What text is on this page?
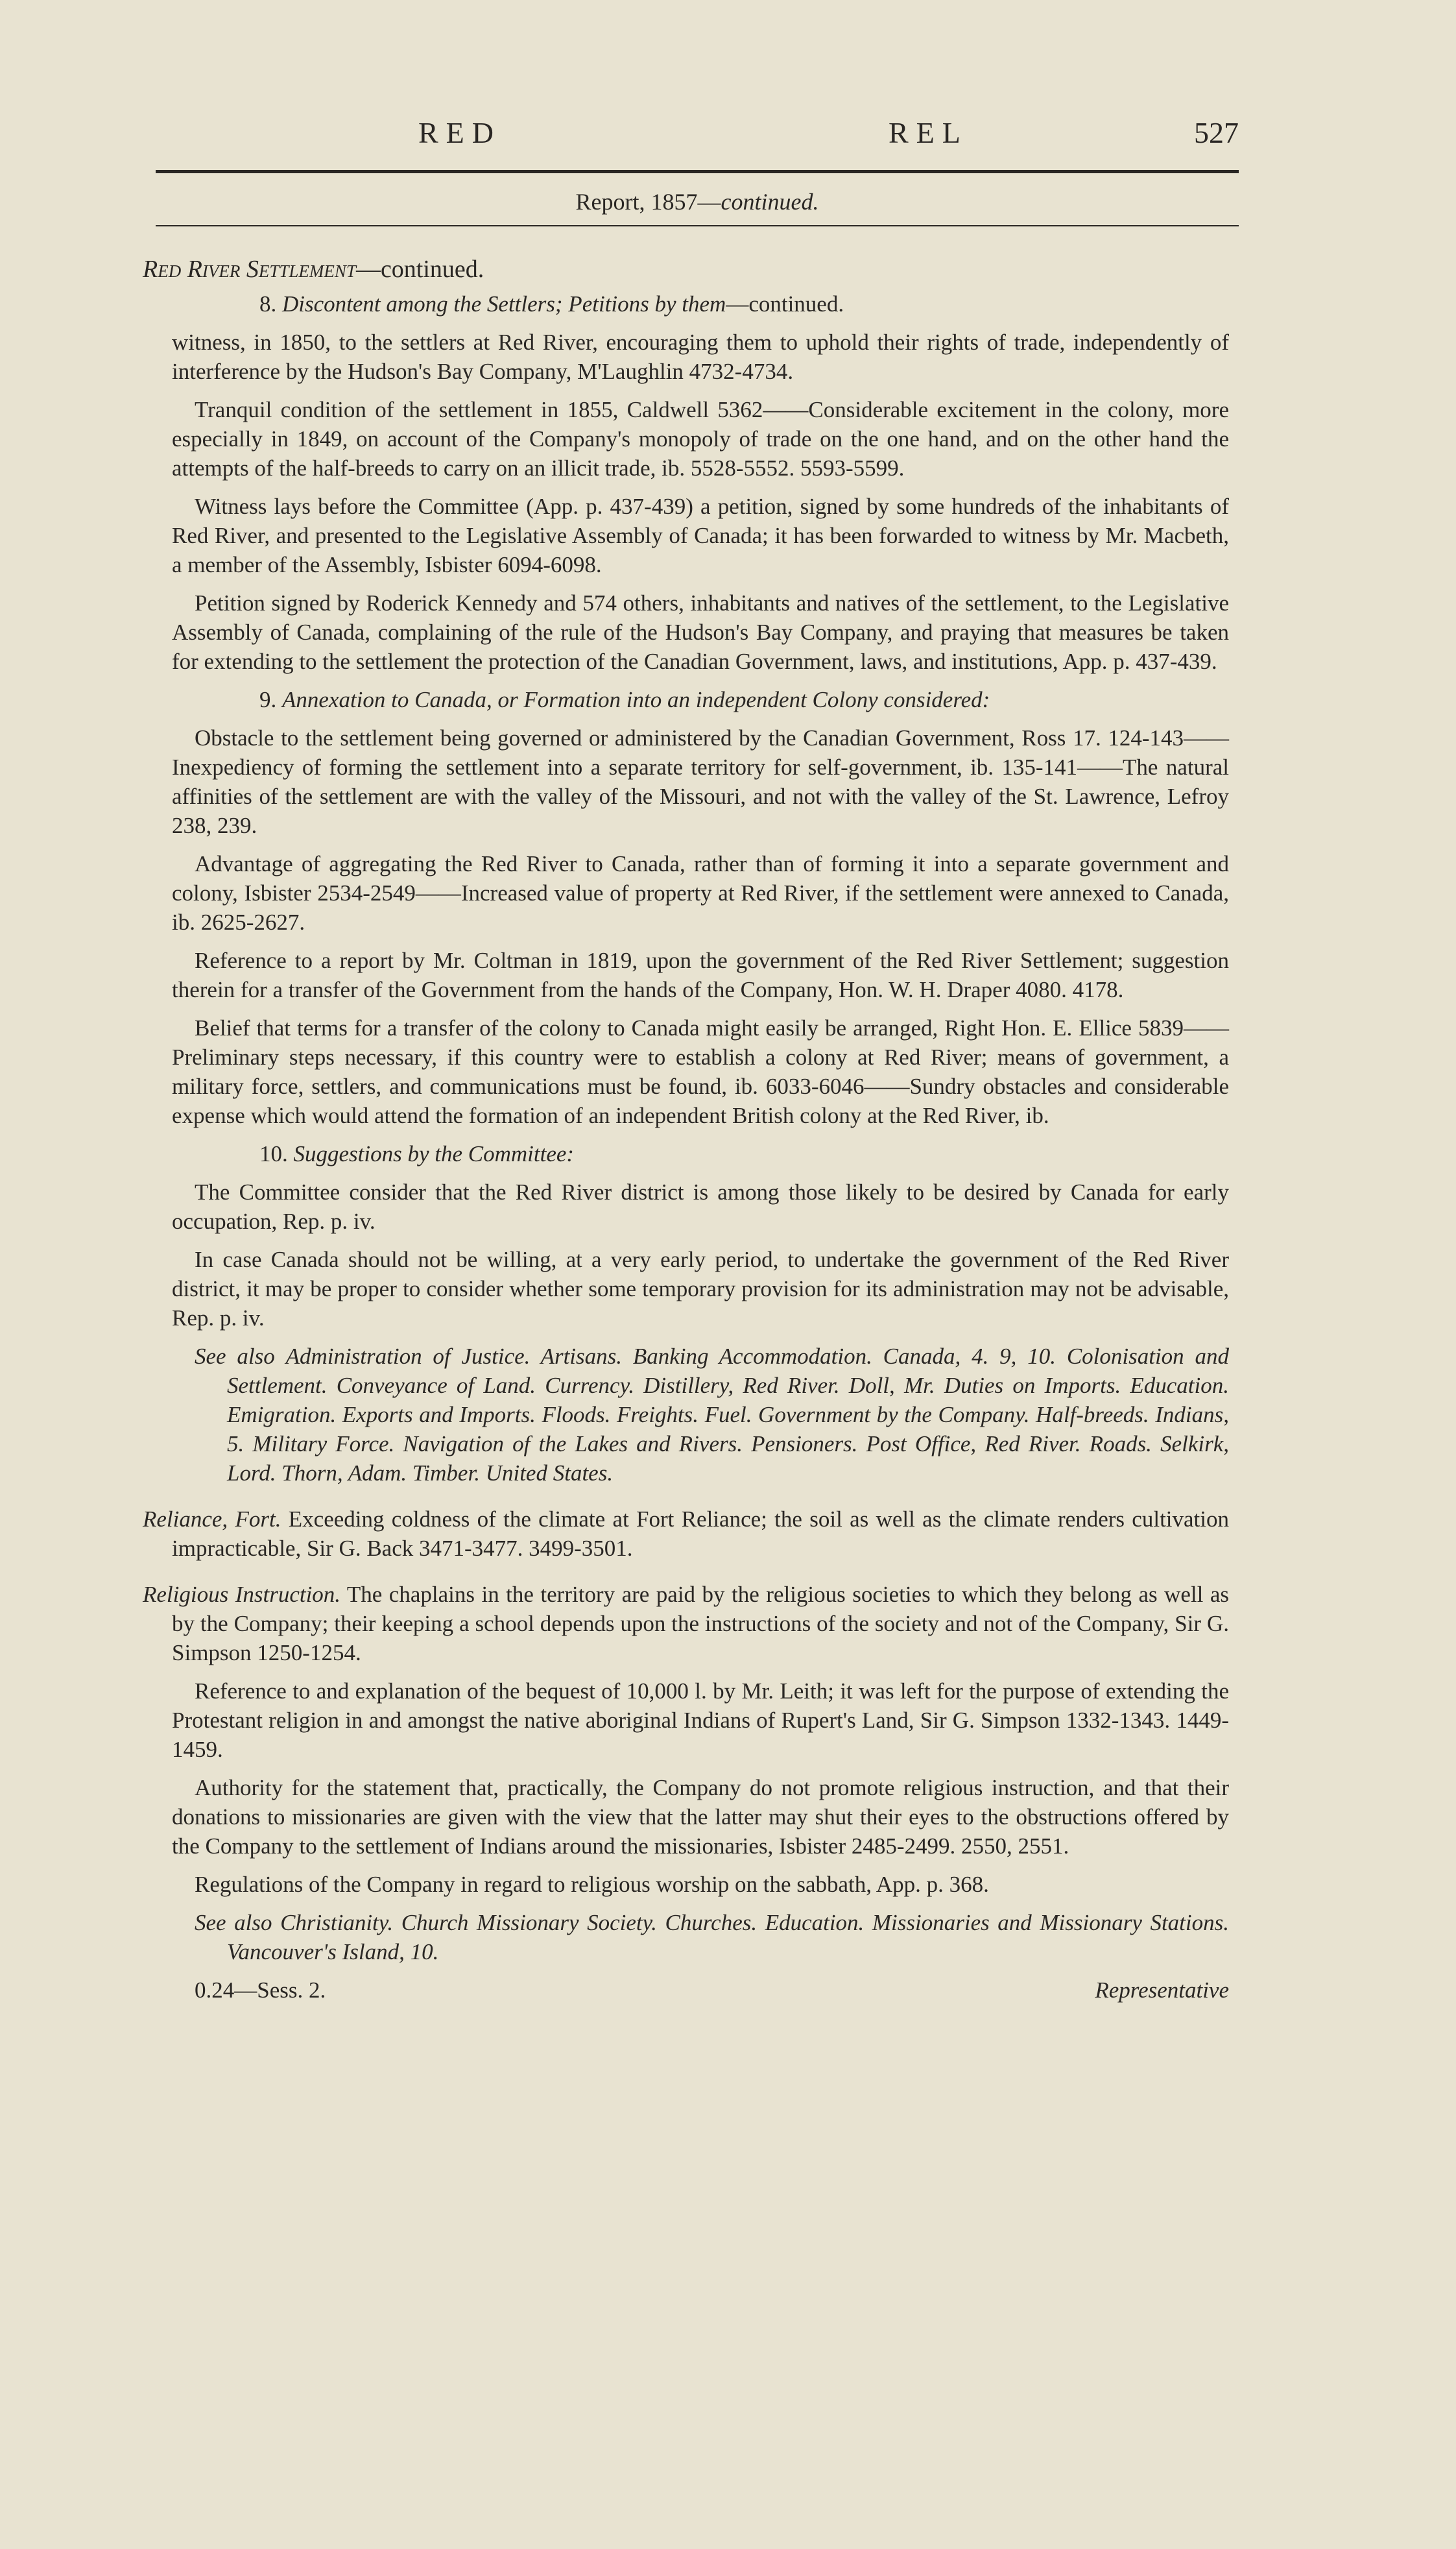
RED	REL	527
Report, 1857—continued.

Red River Settlement—continued.

8. Discontent among the Settlers; Petitions by them—continued.

witness, in 1850, to the settlers at Red River, encouraging them to uphold their rights of trade, independently of interference by the Hudson's Bay Company, M'Laughlin 4732-4734.

Tranquil condition of the settlement in 1855, Caldwell 5362——Considerable excitement in the colony, more especially in 1849, on account of the Company's monopoly of trade on the one hand, and on the other hand the attempts of the half-breeds to carry on an illicit trade, ib. 5528-5552. 5593-5599.

Witness lays before the Committee (App. p. 437-439) a petition, signed by some hundreds of the inhabitants of Red River, and presented to the Legislative Assembly of Canada; it has been forwarded to witness by Mr. Macbeth, a member of the Assembly, Isbister 6094-6098.

Petition signed by Roderick Kennedy and 574 others, inhabitants and natives of the settlement, to the Legislative Assembly of Canada, complaining of the rule of the Hudson's Bay Company, and praying that measures be taken for extending to the settlement the protection of the Canadian Government, laws, and institutions, App. p. 437-439.

9. Annexation to Canada, or Formation into an independent Colony considered:

Obstacle to the settlement being governed or administered by the Canadian Government, Ross 17. 124-143——Inexpediency of forming the settlement into a separate territory for self-government, ib. 135-141——The natural affinities of the settlement are with the valley of the Missouri, and not with the valley of the St. Lawrence, Lefroy 238, 239.

Advantage of aggregating the Red River to Canada, rather than of forming it into a separate government and colony, Isbister 2534-2549——Increased value of property at Red River, if the settlement were annexed to Canada, ib. 2625-2627.

Reference to a report by Mr. Coltman in 1819, upon the government of the Red River Settlement; suggestion therein for a transfer of the Government from the hands of the Company, Hon. W. H. Draper 4080. 4178.

Belief that terms for a transfer of the colony to Canada might easily be arranged, Right Hon. E. Ellice 5839——Preliminary steps necessary, if this country were to establish a colony at Red River; means of government, a military force, settlers, and communications must be found, ib. 6033-6046——Sundry obstacles and considerable expense which would attend the formation of an independent British colony at the Red River, ib.

10. Suggestions by the Committee:

The Committee consider that the Red River district is among those likely to be desired by Canada for early occupation, Rep. p. iv.

In case Canada should not be willing, at a very early period, to undertake the government of the Red River district, it may be proper to consider whether some temporary provision for its administration may not be advisable, Rep. p. iv.

See also Administration of Justice. Artisans. Banking Accommodation. Canada, 4. 9, 10. Colonisation and Settlement. Conveyance of Land. Currency. Distillery, Red River. Doll, Mr. Duties on Imports. Education. Emigration. Exports and Imports. Floods. Freights. Fuel. Government by the Company. Half-breeds. Indians, 5. Military Force. Navigation of the Lakes and Rivers. Pensioners. Post Office, Red River. Roads. Selkirk, Lord. Thorn, Adam. Timber. United States.

Reliance, Fort. Exceeding coldness of the climate at Fort Reliance; the soil as well as the climate renders cultivation impracticable, Sir G. Back 3471-3477. 3499-3501.

Religious Instruction. The chaplains in the territory are paid by the religious societies to which they belong as well as by the Company; their keeping a school depends upon the instructions of the society and not of the Company, Sir G. Simpson 1250-1254.

Reference to and explanation of the bequest of 10,000 l. by Mr. Leith; it was left for the purpose of extending the Protestant religion in and amongst the native aboriginal Indians of Rupert's Land, Sir G. Simpson 1332-1343. 1449-1459.

Authority for the statement that, practically, the Company do not promote religious instruction, and that their donations to missionaries are given with the view that the latter may shut their eyes to the obstructions offered by the Company to the settlement of Indians around the missionaries, Isbister 2485-2499. 2550, 2551.

Regulations of the Company in regard to religious worship on the sabbath, App. p. 368.

See also Christianity. Church Missionary Society. Churches. Education. Missionaries and Missionary Stations. Vancouver's Island, 10.

0.24—Sess. 2.	Representative
